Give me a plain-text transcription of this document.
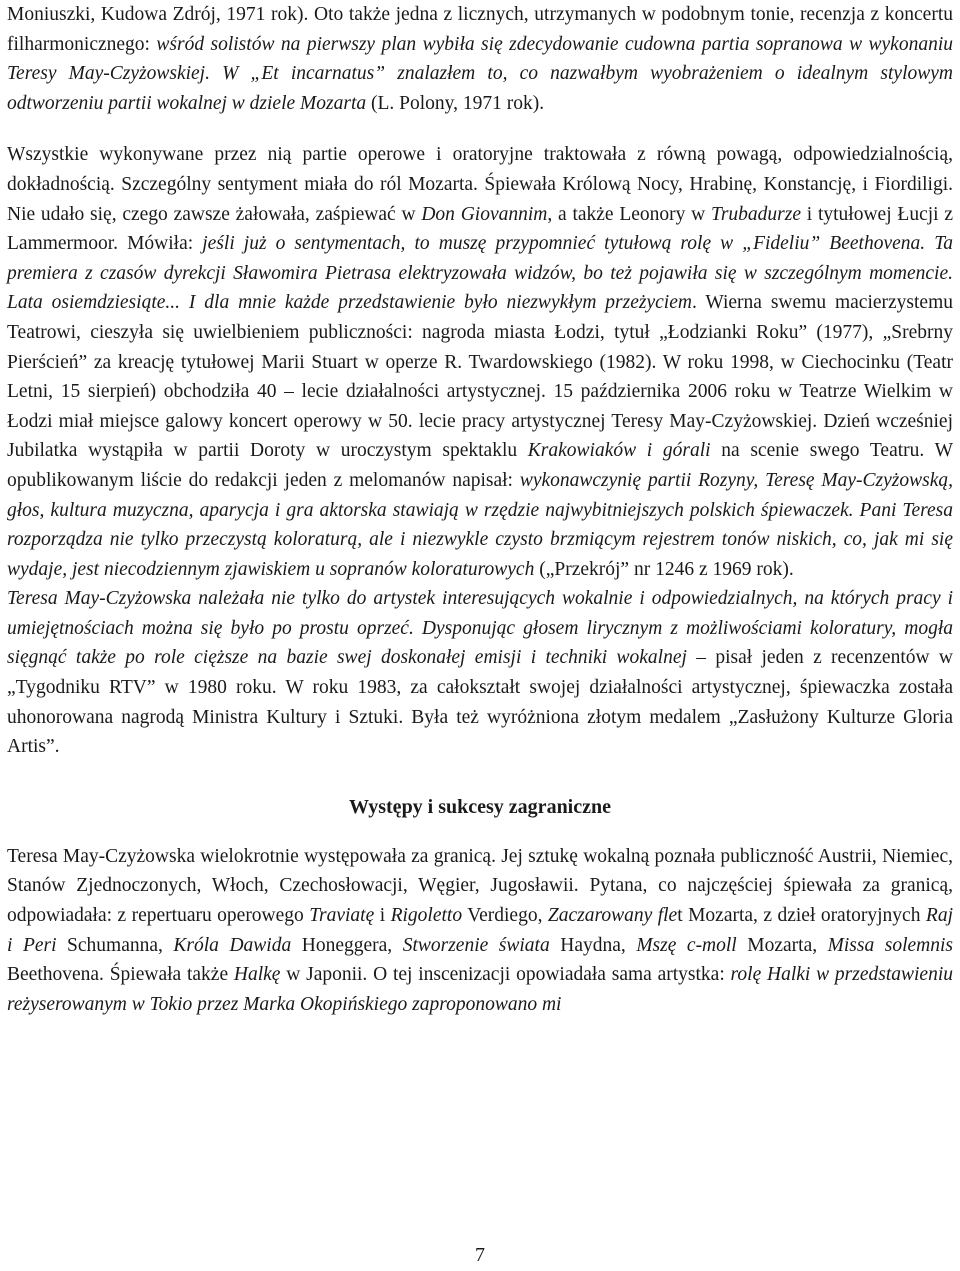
Moniuszki, Kudowa Zdrój, 1971 rok). Oto także jedna z licznych, utrzymanych w podobnym tonie, recenzja z koncertu filharmonicznego: wśród solistów na pierwszy plan wybiła się zdecydowanie cudowna partia sopranowa w wykonaniu Teresy May-Czyżowskiej. W „Et incarnatus” znalazłem to, co nazwałbym wyobrażeniem o idealnym stylowym odtworzeniu partii wokalnej w dziele Mozarta (L. Polony, 1971 rok).

Wszystkie wykonywane przez nią partie operowe i oratoryjne traktowała z równą powagą, odpowiedzialnością, dokładnością. Szczególny sentyment miała do ról Mozarta. Śpiewała Królową Nocy, Hrabinę, Konstancję, i Fiordiligi. Nie udało się, czego zawsze żałowała, zaśpiewać w Don Giovannim, a także Leonory w Trubadurze i tytułowej Łucji z Lammermoor. Mówiła: jeśli już o sentymentach, to muszę przypomnieć tytułową rolę w „Fideliu” Beethovena. Ta premiera z czasów dyrekcji Sławomira Pietrasa elektryzowała widzów, bo też pojawiła się w szczególnym momencie. Lata osiemdziesiąte... I dla mnie każde przedstawienie było niezwykłym przeżyciem. Wierna swemu macierzystemu Teatrowi, cieszyła się uwielbieniem publiczności: nagroda miasta Łodzi, tytuł „Łodzianki Roku” (1977), „Srebrny Pierścień” za kreację tytułowej Marii Stuart w operze R. Twardowskiego (1982). W roku 1998, w Ciechocinku (Teatr Letni, 15 sierpień) obchodziła 40 – lecie działalności artystycznej. 15 października 2006 roku w Teatrze Wielkim w Łodzi miał miejsce galowy koncert operowy w 50. lecie pracy artystycznej Teresy May-Czyżowskiej. Dzień wcześniej Jubilatka wystąpiła w partii Doroty w uroczystym spektaklu Krakowiaków i górali na scenie swego Teatru. W opublikowanym liście do redakcji jeden z melomanów napisał: wykonawczynię partii Rozyny, Teresę May-Czyżowską, głos, kultura muzyczna, aparycja i gra aktorska stawiają w rzędzie najwybitniejszych polskich śpiewaczek. Pani Teresa rozporządza nie tylko przeczystą koloraturą, ale i niezwykle czysto brzmiącym rejestrem tonów niskich, co, jak mi się wydaje, jest niecodziennym zjawiskiem u sopranów koloraturowych („Przekrój” nr 1246 z 1969 rok).

Teresa May-Czyżowska należała nie tylko do artystek interesujących wokalnie i odpowiedzialnych, na których pracy i umiejętnościach można się było po prostu oprzeć. Dysponując głosem lirycznym z możliwościami koloratury, mogła sięgnąć także po role cięższe na bazie swej doskonałej emisji i techniki wokalnej – pisał jeden z recenzentów w „Tygodniku RTV” w 1980 roku. W roku 1983, za całokształt swojej działalności artystycznej, śpiewaczka została uhonorowana nagrodą Ministra Kultury i Sztuki. Była też wyróżniona złotym medalem „Zasłużony Kulturze Gloria Artis”.

Występy i sukcesy zagraniczne

Teresa May-Czyżowska wielokrotnie występowała za granicą. Jej sztukę wokalną poznała publiczność Austrii, Niemiec, Stanów Zjednoczonych, Włoch, Czechosłowacji, Węgier, Jugosławii. Pytana, co najczęściej śpiewała za granicą, odpowiadała: z repertuaru operowego Traviatę i Rigoletto Verdiego, Zaczarowany flet Mozarta, z dzieł oratoryjnych Raj i Peri Schumanna, Króla Dawida Honeggera, Stworzenie świata Haydna, Mszę c-moll Mozarta, Missa solemnis Beethovena. Śpiewała także Halkę w Japonii. O tej inscenizacji opowiadała sama artystka: rolę Halki w przedstawieniu reżyserowanym w Tokio przez Marka Okopińskiego zaproponowano mi

7
